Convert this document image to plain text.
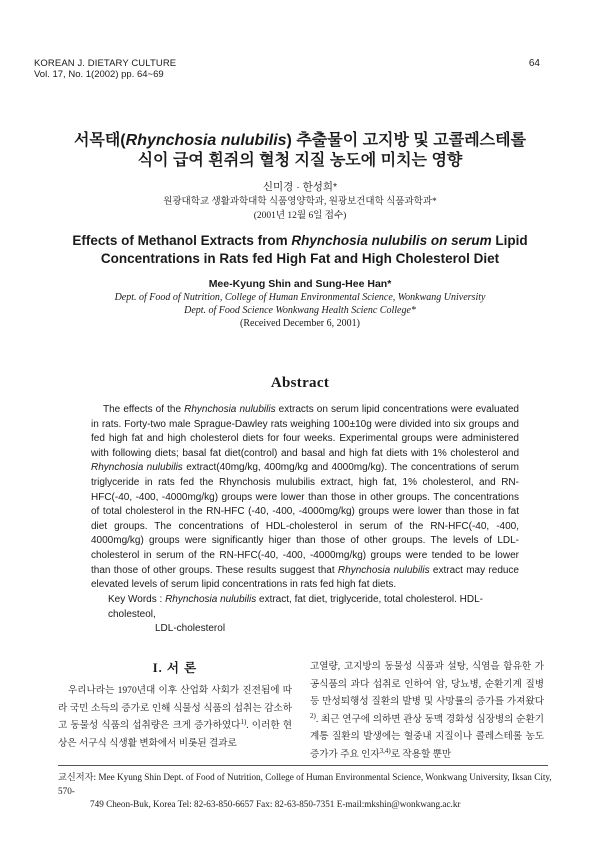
KOREAN J. DIETARY CULTURE
Vol. 17, No. 1(2002) pp. 64~69
64
서목태(Rhynchosia nulubilis) 추출물이 고지방 및 고콜레스테롤
식이 급여 흰쥐의 혈청 지질 농도에 미치는 영향
신미경 · 한성희*
원광대학교 생활과학대학 식품영양학과, 원광보건대학 식품과학과*
(2001년 12월 6일 접수)
Effects of Methanol Extracts from Rhynchosia nulubilis on serum Lipid
Concentrations in Rats fed High Fat and High Cholesterol Diet
Mee-Kyung Shin and Sung-Hee Han*
Dept. of Food of Nutrition, College of Human Environmental Science, Wonkwang University
Dept. of Food Science Wonkwang Health Scienc College*
(Received December 6, 2001)
Abstract

The effects of the Rhynchosia nulubilis extracts on serum lipid concentrations were evaluated in rats. Forty-two male Sprague-Dawley rats weighing 100±10g were divided into six groups and fed high fat and high cholesterol diets for four weeks. Experimental groups were administered with following diets; basal fat diet(control) and basal and high fat diets with 1% cholesterol and Rhynchosia nulubilis extract(40mg/kg, 400mg/kg and 4000mg/kg). The concentrations of serum triglyceride in rats fed the Rhynchosis mulubilis extract, high fat, 1% cholesterol, and RN-HFC(-40, -400, -4000mg/kg) groups were lower than those in other groups. The concentrations of total cholesterol in the RN-HFC (-40, -400, -4000mg/kg) groups were lower than those in fat diet groups. The concentrations of HDL-cholesterol in serum of the RN-HFC(-40, -400, 4000mg/kg) groups were significantly higer than those of other groups. The levels of LDL-cholesterol in serum of the RN-HFC(-40, -400, -4000mg/kg) groups were tended to be lower than those of other groups. These results suggest that Rhynchosia nulubilis extract may reduce elevated levels of serum lipid concentrations in rats fed high fat diets.

Key Words : Rhynchosia nulubilis extract, fat diet, triglyceride, total cholesterol. HDL-cholesteol,
LDL-cholesterol
I. 서 론

우리나라는 1970년대 이후 산업화 사회가 진전됨에 따라 국민 소득의 증가로 인해 식물성 식품의 섭취는 감소하고 동물성 식품의 섭취량은 크게 증가하였다$^{1)}$. 이러한 현상은 서구식 식생활 변화에서 비롯된 결과로

고열량, 고지방의 동물성 식품과 설탕, 식염을 함유한 가공식품의 과다 섭취로 인하여 암, 당뇨병, 순환기계 질병 등 만성퇴행성 질환의 발병 및 사망률의 증가를 가져왔다$^{2)}$. 최근 연구에 의하면 관상 동맥 경화성 심장병의 순환기 계통 질환의 발생에는 혈중내 지질이나 콜레스테롤 농도 증가가 주요 인자$^{3,4)}$로 작용할 뿐만

교신저자: Mee Kyung Shin Dept. of Food of Nutrition, College of Human Environmental Science, Wonkwang University, Iksan City, 570-
749 Cheon-Buk, Korea Tel: 82-63-850-6657 Fax: 82-63-850-7351 E-mail:mkshin@wonkwang.ac.kr
